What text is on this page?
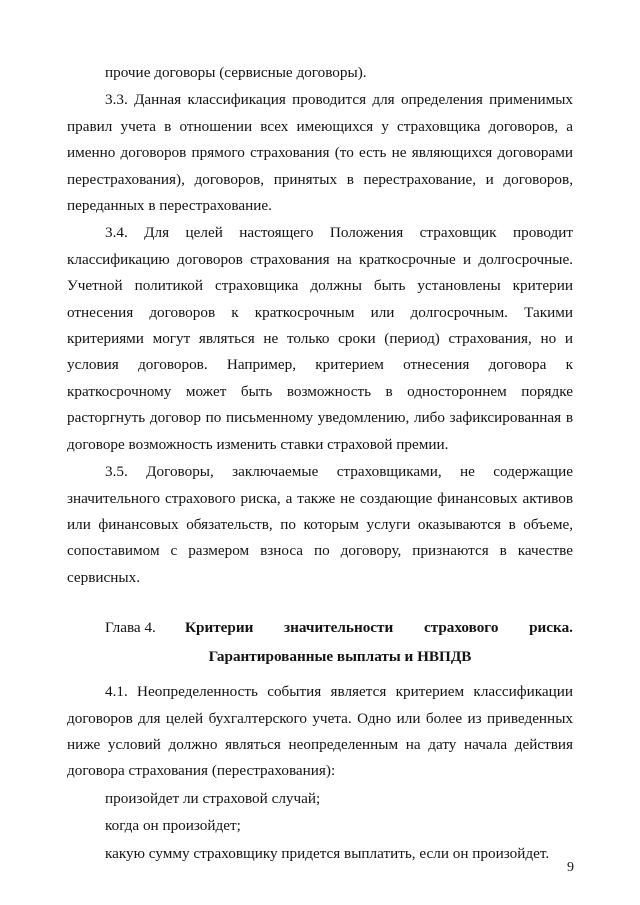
прочие договоры (сервисные договоры).

3.3. Данная классификация проводится для определения применимых правил учета в отношении всех имеющихся у страховщика договоров, а именно договоров прямого страхования (то есть не являющихся договорами перестрахования), договоров, принятых в перестрахование, и договоров, переданных в перестрахование.

3.4. Для целей настоящего Положения страховщик проводит классификацию договоров страхования на краткосрочные и долгосрочные. Учетной политикой страховщика должны быть установлены критерии отнесения договоров к краткосрочным или долгосрочным. Такими критериями могут являться не только сроки (период) страхования, но и условия договоров. Например, критерием отнесения договора к краткосрочному может быть возможность в одностороннем порядке расторгнуть договор по письменному уведомлению, либо зафиксированная в договоре возможность изменить ставки страховой премии.

3.5. Договоры, заключаемые страховщиками, не содержащие значительного страхового риска, а также не создающие финансовых активов или финансовых обязательств, по которым услуги оказываются в объеме, сопоставимом с размером взноса по договору, признаются в качестве сервисных.

Глава 4.	Критерии значительности страхового риска.
Гарантированные выплаты и НВПДВ

4.1. Неопределенность события является критерием классификации договоров для целей бухгалтерского учета. Одно или более из приведенных ниже условий должно являться неопределенным на дату начала действия договора страхования (перестрахования):

произойдет ли страховой случай;

когда он произойдет;

какую сумму страховщику придется выплатить, если он произойдет.

9
